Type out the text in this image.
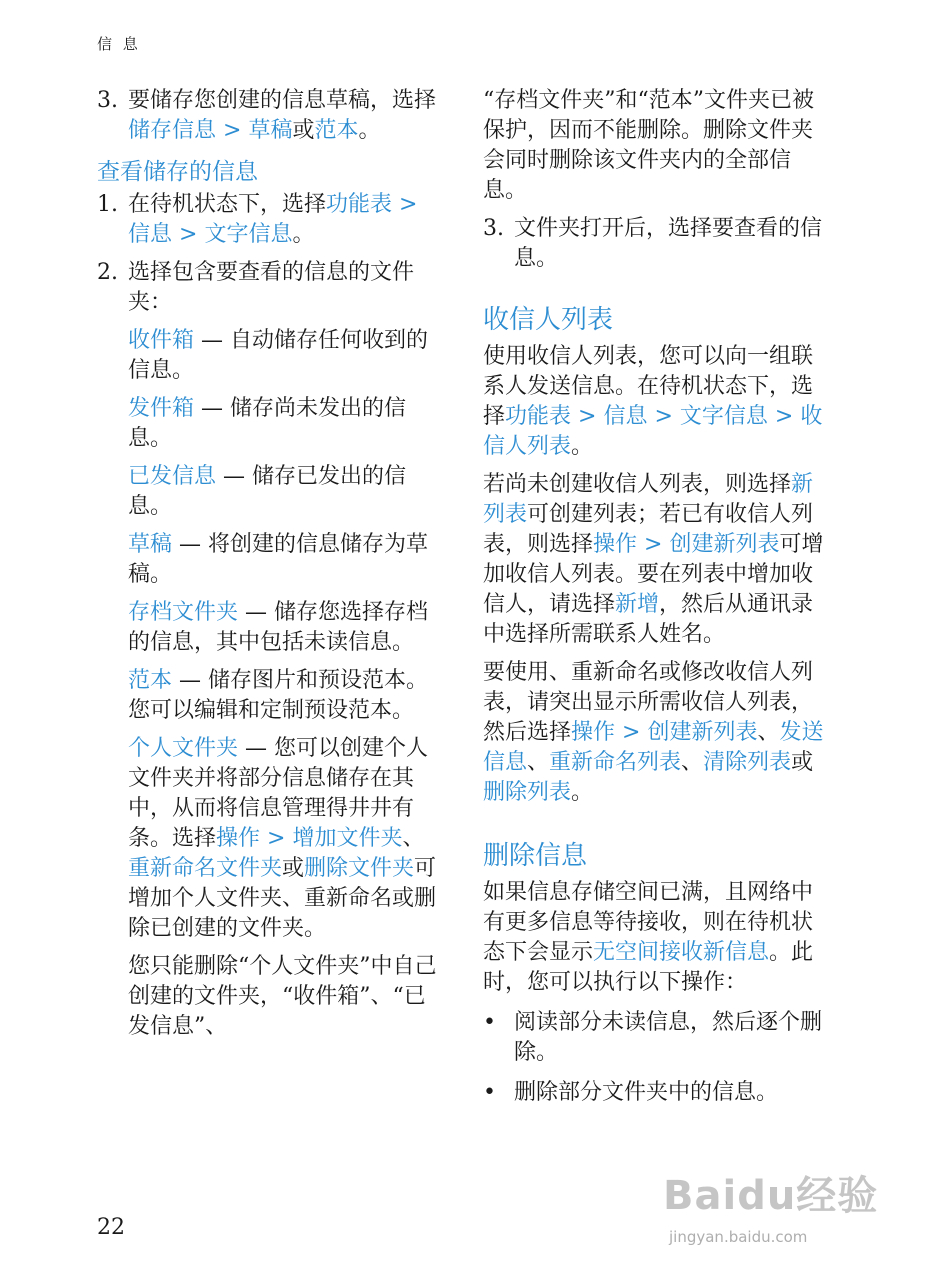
信 息
3. 要储存您创建的信息草稿，选择储存信息 > 草稿或范本。
查看储存的信息
1. 在待机状态下，选择功能表 > 信息 > 文字信息。
2. 选择包含要查看的信息的文件夹：

收件箱 — 自动储存任何收到的信息。

发件箱 — 储存尚未发出的信息。

已发信息 — 储存已发出的信息。

草稿 — 将创建的信息储存为草稿。

存档文件夹 — 储存您选择存档的信息，其中包括未读信息。

范本 — 储存图片和预设范本。您可以编辑和定制预设范本。

个人文件夹 — 您可以创建个人文件夹并将部分信息储存在其中，从而将信息管理得井井有条。选择操作 > 增加文件夹、重新命名文件夹或删除文件夹可增加个人文件夹、重新命名或删除已创建的文件夹。

您只能删除“个人文件夹”中自己创建的文件夹，“收件箱”、“已发信息”、

“存档文件夹”和“范本”文件夹已被保护，因而不能删除。删除文件夹会同时删除该文件夹内的全部信息。

3. 文件夹打开后，选择要查看的信息。
收信人列表

使用收信人列表，您可以向一组联系人发送信息。在待机状态下，选择功能表 > 信息 > 文字信息 > 收信人列表。

若尚未创建收信人列表，则选择新列表可创建列表；若已有收信人列表，则选择操作 > 创建新列表可增加收信人列表。要在列表中增加收信人，请选择新增，然后从通讯录中选择所需联系人姓名。

要使用、重新命名或修改收信人列表，请突出显示所需收信人列表，然后选择操作 > 创建新列表、发送信息、重新命名列表、清除列表或删除列表。

删除信息

如果信息存储空间已满，且网络中有更多信息等待接收，则在待机状态下会显示无空间接收新信息。此时，您可以执行以下操作：

• 阅读部分未读信息，然后逐个删除。
• 删除部分文件夹中的信息。
22
Baidu经验
jingyan.baidu.com
